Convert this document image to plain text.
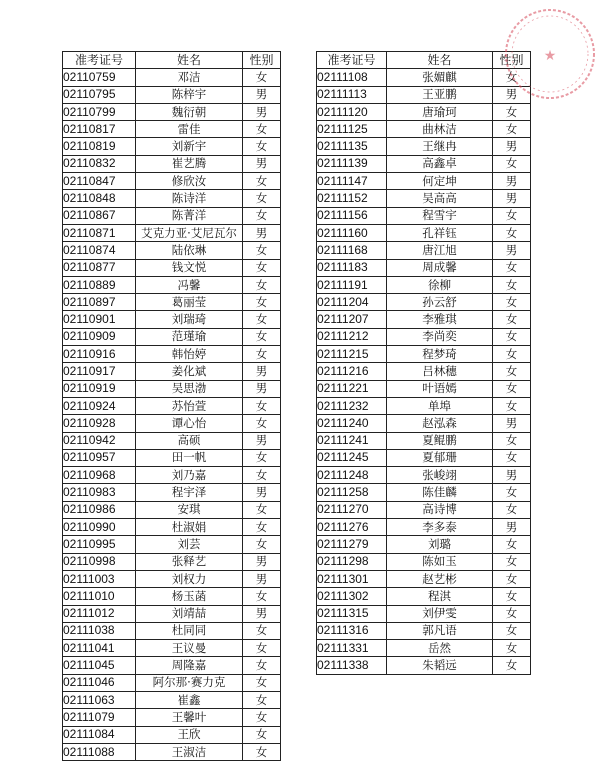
准考证号	姓名	性别
02110759	邓洁	女
02110795	陈梓宇	男
02110799	魏衍朝	男
02110817	雷佳	女
02110819	刘新宇	女
02110832	崔艺腾	男
02110847	修欣汝	女
02110848	陈诗洋	女
02110867	陈菁洋	女
02110871	艾克力亚·艾尼瓦尔	男
02110874	陆依琳	女
02110877	钱文悦	女
02110889	冯馨	女
02110897	葛丽莹	女
02110901	刘瑞琦	女
02110909	范瑾瑜	女
02110916	韩怡婷	女
02110917	姜化斌	男
02110919	吴思渤	男
02110924	苏怡萱	女
02110928	谭心怡	女
02110942	高硕	男
02110957	田一帆	女
02110968	刘乃嘉	女
02110983	程宇泽	男
02110986	安琪	女
02110990	杜淑娟	女
02110995	刘芸	女
02110998	张释艺	男
02111003	刘权力	男
02111010	杨玉菡	女
02111012	刘靖喆	男
02111038	杜同同	女
02111041	王议曼	女
02111045	周隆嘉	女
02111046	阿尔那·赛力克	女
02111063	崔鑫	女
02111079	王馨叶	女
02111084	王欣	女
02111088	王淑洁	女
准考证号	姓名	性别
02111108	张媚麒	女
02111113	王亚鹏	男
02111120	唐瑜珂	女
02111125	曲林洁	女
02111135	王继冉	男
02111139	高鑫卓	女
02111147	何定坤	男
02111152	吴高高	男
02111156	程雪宇	女
02111160	孔祥钰	女
02111168	唐江旭	男
02111183	周成馨	女
02111191	徐柳	女
02111204	孙云舒	女
02111207	李雅琪	女
02111212	李尚奕	女
02111215	程梦琦	女
02111216	吕林穗	女
02111221	叶语嫣	女
02111232	单埠	女
02111240	赵泓森	男
02111241	夏鲲鹏	女
02111245	夏郁珊	女
02111248	张峻翊	男
02111258	陈佳麟	女
02111270	高诗博	女
02111276	李多泰	男
02111279	刘璐	女
02111298	陈如玉	女
02111301	赵艺彬	女
02111302	程淇	女
02111315	刘伊雯	女
02111316	郭凡语	女
02111331	岳然	女
02111338	朱韬远	女
★
